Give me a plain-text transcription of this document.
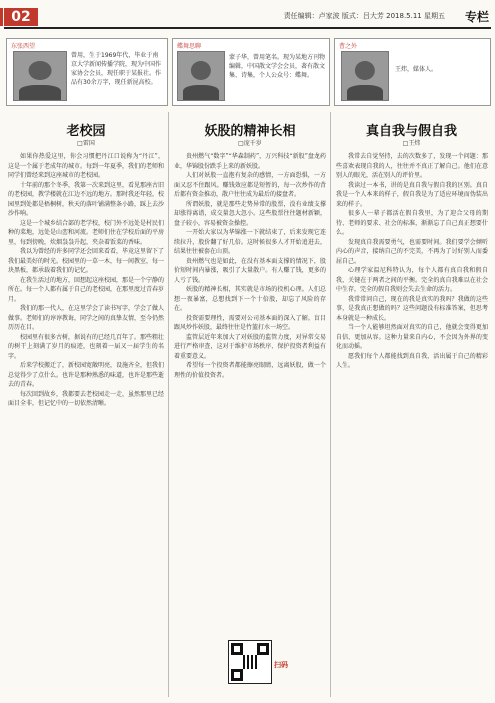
02	责任编辑：卢家波 版式：吕大芳 2018.5.11 星期五 专栏
东张西望
曾用，生于1969年代，毕业于南京大学新闻传播学院，现为中国作家协会会员，现任职于某报社。作品有30余万字，现任新昆高校。
蝶舞思聊
蒙子华，曾用笔名。现为某地方刊物编辑，中国散文学会会员，著有散文集、诗集，个人公众号：蝶舞。
曹之外
王炜，媒体人。
老校园
□雷国

如果你热爱这里，你会习惯把丹江口说称为“丹江”，这是一个属于老成年的城市。每到一年夏季，我们的老师和同学们曾经来到这座城市的老校园。

十年前的那个冬季，我第一次来到这里，看见那座古旧的老校园，教学楼就在江边不远的地方。那时我还年轻，校园里到处都是梧桐树，秋天的落叶铺满整条小路，踩上去沙沙作响。

这是一个城乡结合部的老学校，校门外不远处是村民们种的菜地，远处是山峦和河流。老师们住在学校后面的平房里，每到傍晚，炊烟袅袅升起，夹杂着饭菜的香味。

我以为曾经的许多同学还会回来看看，毕竟这里留下了我们最美好的时光。校园里的一草一木，每一间教室，每一块黑板，都承载着我们的记忆。

在我生活过的地方，回想起这座校园，那是一个宁静的所在。每一个人都有属于自己的老校园，在那里度过青春岁月。

我们的那一代人，在这里学会了读书写字，学会了做人做事。老师们的谆谆教诲，同学之间的真挚友情，至今仍然历历在目。

校园里有很多古树，据说有的已经几百年了。那些粗壮的树干上刻满了岁月的痕迹，也刻着一届又一届学生的名字。

后来学校搬迁了，新校园宽敞明亮，设施齐全，但我们总觉得少了点什么。也许是那种熟悉的味道，也许是那些逝去的青春。

每次回到故乡，我都要去老校园走一走，虽然那里已经面目全非，但记忆中的一切依然清晰。

妖股的精神长相
□庞千岁

贵州燃气“数字”“华森制药”，万兴科技“新股”盘龙药业，华锦股份跌手上来的新妖股。

人们对妖股一直抱有复杂的感情，一方面恐惧，一方面又忍不住跟风。赚钱效应都是短暂的，每一次炒作的背后都有资金推动，散户往往成为最后的接盘者。

所谓妖股，就是那些走势异常的股票，没有业绩支撑却涨得离谱，成交量忽大忽小。这些股票往往题材新颖，盘子较小，容易被资金操控。

一开始大家以为华锦涨一下就结束了，后来发现它连续拉升，股价翻了好几倍。这时候很多人才开始追进去，结果往往被套在山顶。

贵州燃气也是如此，在没有基本面支撑的情况下，股价短时间内暴涨，吸引了大量散户。有人赚了钱，更多的人亏了钱。

妖股的精神长相，其实就是市场的投机心理。人们总想一夜暴富，总想找到下一个十倍股，却忘了风险的存在。

投资需要理性，需要对公司基本面的深入了解。盲目跟风炒作妖股，最终往往是竹篮打水一场空。

监管层近年来加大了对妖股的监管力度，对异常交易进行严格审查，这对于维护市场秩序、保护投资者利益有着重要意义。

希望每一个投资者都能擦亮眼睛，远离妖股，做一个理性的价值投资者。

扫码
真自我与假自我
□王炜

我常去自觉坚持，去的次数多了，发现一个问题：那些喜欢表现自我的人，往往并不真正了解自己。他们在意别人的眼光，活在别人的评价里。

我读过一本书，讲的是真自我与假自我的区别。真自我是一个人本来的样子，假自我是为了适应环境而伪装出来的样子。

很多人一辈子都活在假自我里，为了迎合父母的期待、老师的要求、社会的标准，渐渐忘了自己真正想要什么。

发现真自我需要勇气，也需要时间。我们要学会倾听内心的声音，接纳自己的不完美，不再为了讨好别人而委屈自己。

心理学家温尼科特认为，每个人都有真自我和假自我，关键在于两者之间的平衡。完全的真自我难以在社会中生存，完全的假自我则会失去生命的活力。

我常常问自己，现在的我是真实的我吗？我做的这些事，是我真正想做的吗？这些问题没有标准答案，但思考本身就是一种成长。

当一个人能够坦然面对真实的自己，他就会变得更加自信、更加从容。这种力量来自内心，不会因为外界的变化而动摇。

愿我们每个人都能找到真自我，活出属于自己的精彩人生。
